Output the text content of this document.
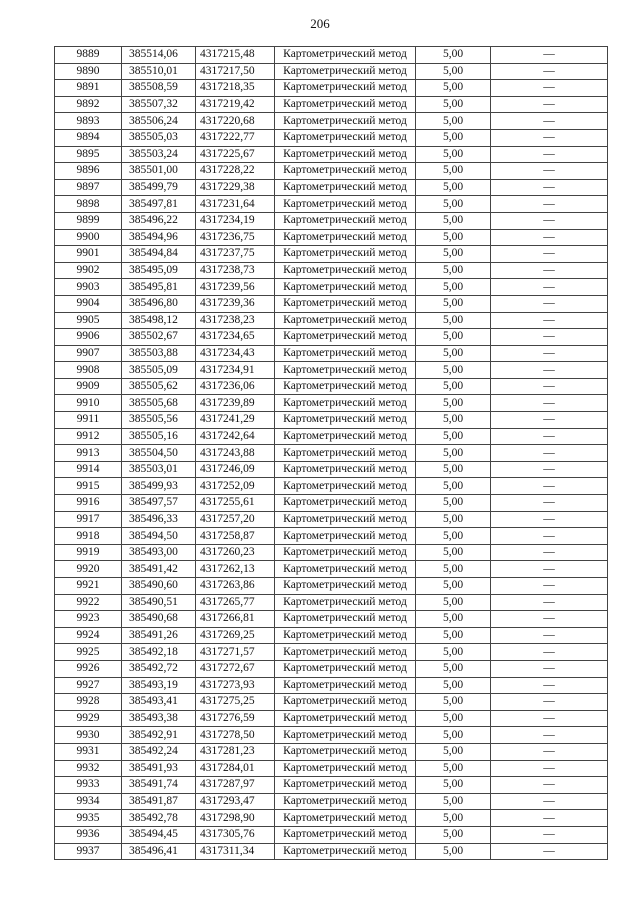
206
9889	385514,06	4317215,48	Картометрический метод	5,00	—
9890	385510,01	4317217,50	Картометрический метод	5,00	—
9891	385508,59	4317218,35	Картометрический метод	5,00	—
9892	385507,32	4317219,42	Картометрический метод	5,00	—
9893	385506,24	4317220,68	Картометрический метод	5,00	—
9894	385505,03	4317222,77	Картометрический метод	5,00	—
9895	385503,24	4317225,67	Картометрический метод	5,00	—
9896	385501,00	4317228,22	Картометрический метод	5,00	—
9897	385499,79	4317229,38	Картометрический метод	5,00	—
9898	385497,81	4317231,64	Картометрический метод	5,00	—
9899	385496,22	4317234,19	Картометрический метод	5,00	—
9900	385494,96	4317236,75	Картометрический метод	5,00	—
9901	385494,84	4317237,75	Картометрический метод	5,00	—
9902	385495,09	4317238,73	Картометрический метод	5,00	—
9903	385495,81	4317239,56	Картометрический метод	5,00	—
9904	385496,80	4317239,36	Картометрический метод	5,00	—
9905	385498,12	4317238,23	Картометрический метод	5,00	—
9906	385502,67	4317234,65	Картометрический метод	5,00	—
9907	385503,88	4317234,43	Картометрический метод	5,00	—
9908	385505,09	4317234,91	Картометрический метод	5,00	—
9909	385505,62	4317236,06	Картометрический метод	5,00	—
9910	385505,68	4317239,89	Картометрический метод	5,00	—
9911	385505,56	4317241,29	Картометрический метод	5,00	—
9912	385505,16	4317242,64	Картометрический метод	5,00	—
9913	385504,50	4317243,88	Картометрический метод	5,00	—
9914	385503,01	4317246,09	Картометрический метод	5,00	—
9915	385499,93	4317252,09	Картометрический метод	5,00	—
9916	385497,57	4317255,61	Картометрический метод	5,00	—
9917	385496,33	4317257,20	Картометрический метод	5,00	—
9918	385494,50	4317258,87	Картометрический метод	5,00	—
9919	385493,00	4317260,23	Картометрический метод	5,00	—
9920	385491,42	4317262,13	Картометрический метод	5,00	—
9921	385490,60	4317263,86	Картометрический метод	5,00	—
9922	385490,51	4317265,77	Картометрический метод	5,00	—
9923	385490,68	4317266,81	Картометрический метод	5,00	—
9924	385491,26	4317269,25	Картометрический метод	5,00	—
9925	385492,18	4317271,57	Картометрический метод	5,00	—
9926	385492,72	4317272,67	Картометрический метод	5,00	—
9927	385493,19	4317273,93	Картометрический метод	5,00	—
9928	385493,41	4317275,25	Картометрический метод	5,00	—
9929	385493,38	4317276,59	Картометрический метод	5,00	—
9930	385492,91	4317278,50	Картометрический метод	5,00	—
9931	385492,24	4317281,23	Картометрический метод	5,00	—
9932	385491,93	4317284,01	Картометрический метод	5,00	—
9933	385491,74	4317287,97	Картометрический метод	5,00	—
9934	385491,87	4317293,47	Картометрический метод	5,00	—
9935	385492,78	4317298,90	Картометрический метод	5,00	—
9936	385494,45	4317305,76	Картометрический метод	5,00	—
9937	385496,41	4317311,34	Картометрический метод	5,00	—
